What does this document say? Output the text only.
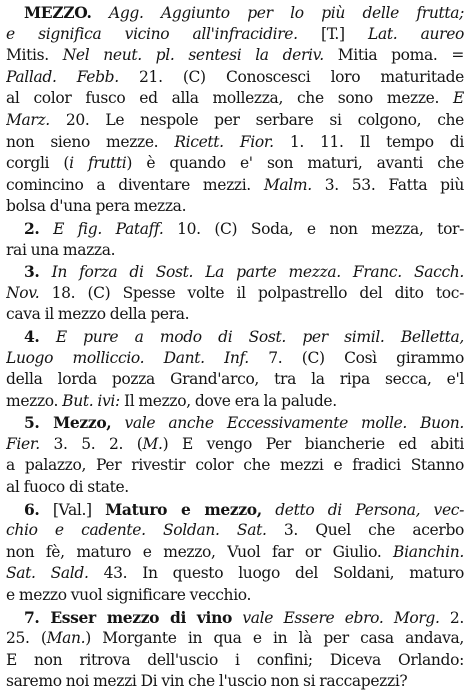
MEZZO. Agg. Aggiunto per lo più delle frutta;
e significa vicino all'infracidire. [T.] Lat. aureo
Mitis. Nel neut. pl. sentesi la deriv. Mitia poma. =
Pallad. Febb. 21. (C) Conoscesci loro maturitade
al color fusco ed alla mollezza, che sono mezze. E
Marz. 20. Le nespole per serbare si colgono, che
non sieno mezze. Ricett. Fior. 1. 11. Il tempo di
corgli (i frutti) è quando e' son maturi, avanti che
comincino a diventare mezzi. Malm. 3. 53. Fatta più
bolsa d'una pera mezza.
2. E fig. Pataff. 10. (C) Soda, e non mezza, tor-
rai una mazza.
3. In forza di Sost. La parte mezza. Franc. Sacch.
Nov. 18. (C) Spesse volte il polpastrello del dito toc-
cava il mezzo della pera.
4. E pure a modo di Sost. per simil. Belletta,
Luogo molliccio. Dant. Inf. 7. (C) Così girammo
della lorda pozza Grand'arco, tra la ripa secca, e'l
mezzo. But. ivi: Il mezzo, dove era la palude.
5. Mezzo, vale anche Eccessivamente molle. Buon.
Fier. 3. 5. 2. (M.) E vengo Per biancherie ed abiti
a palazzo, Per rivestir color che mezzi e fradici Stanno
al fuoco di state.
6. [Val.] Maturo e mezzo, detto di Persona, vec-
chio e cadente. Soldan. Sat. 3. Quel che acerbo
non fè, maturo e mezzo, Vuol far or Giulio. Bianchin.
Sat. Sald. 43. In questo luogo del Soldani, maturo
e mezzo vuol significare vecchio.
7. Esser mezzo di vino vale Essere ebro. Morg. 2.
25. (Man.) Morgante in qua e in là per casa andava,
E non ritrova dell'uscio i confini; Diceva Orlando:
saremo noi mezzi Di vin che l'uscio non si raccapezzi?
